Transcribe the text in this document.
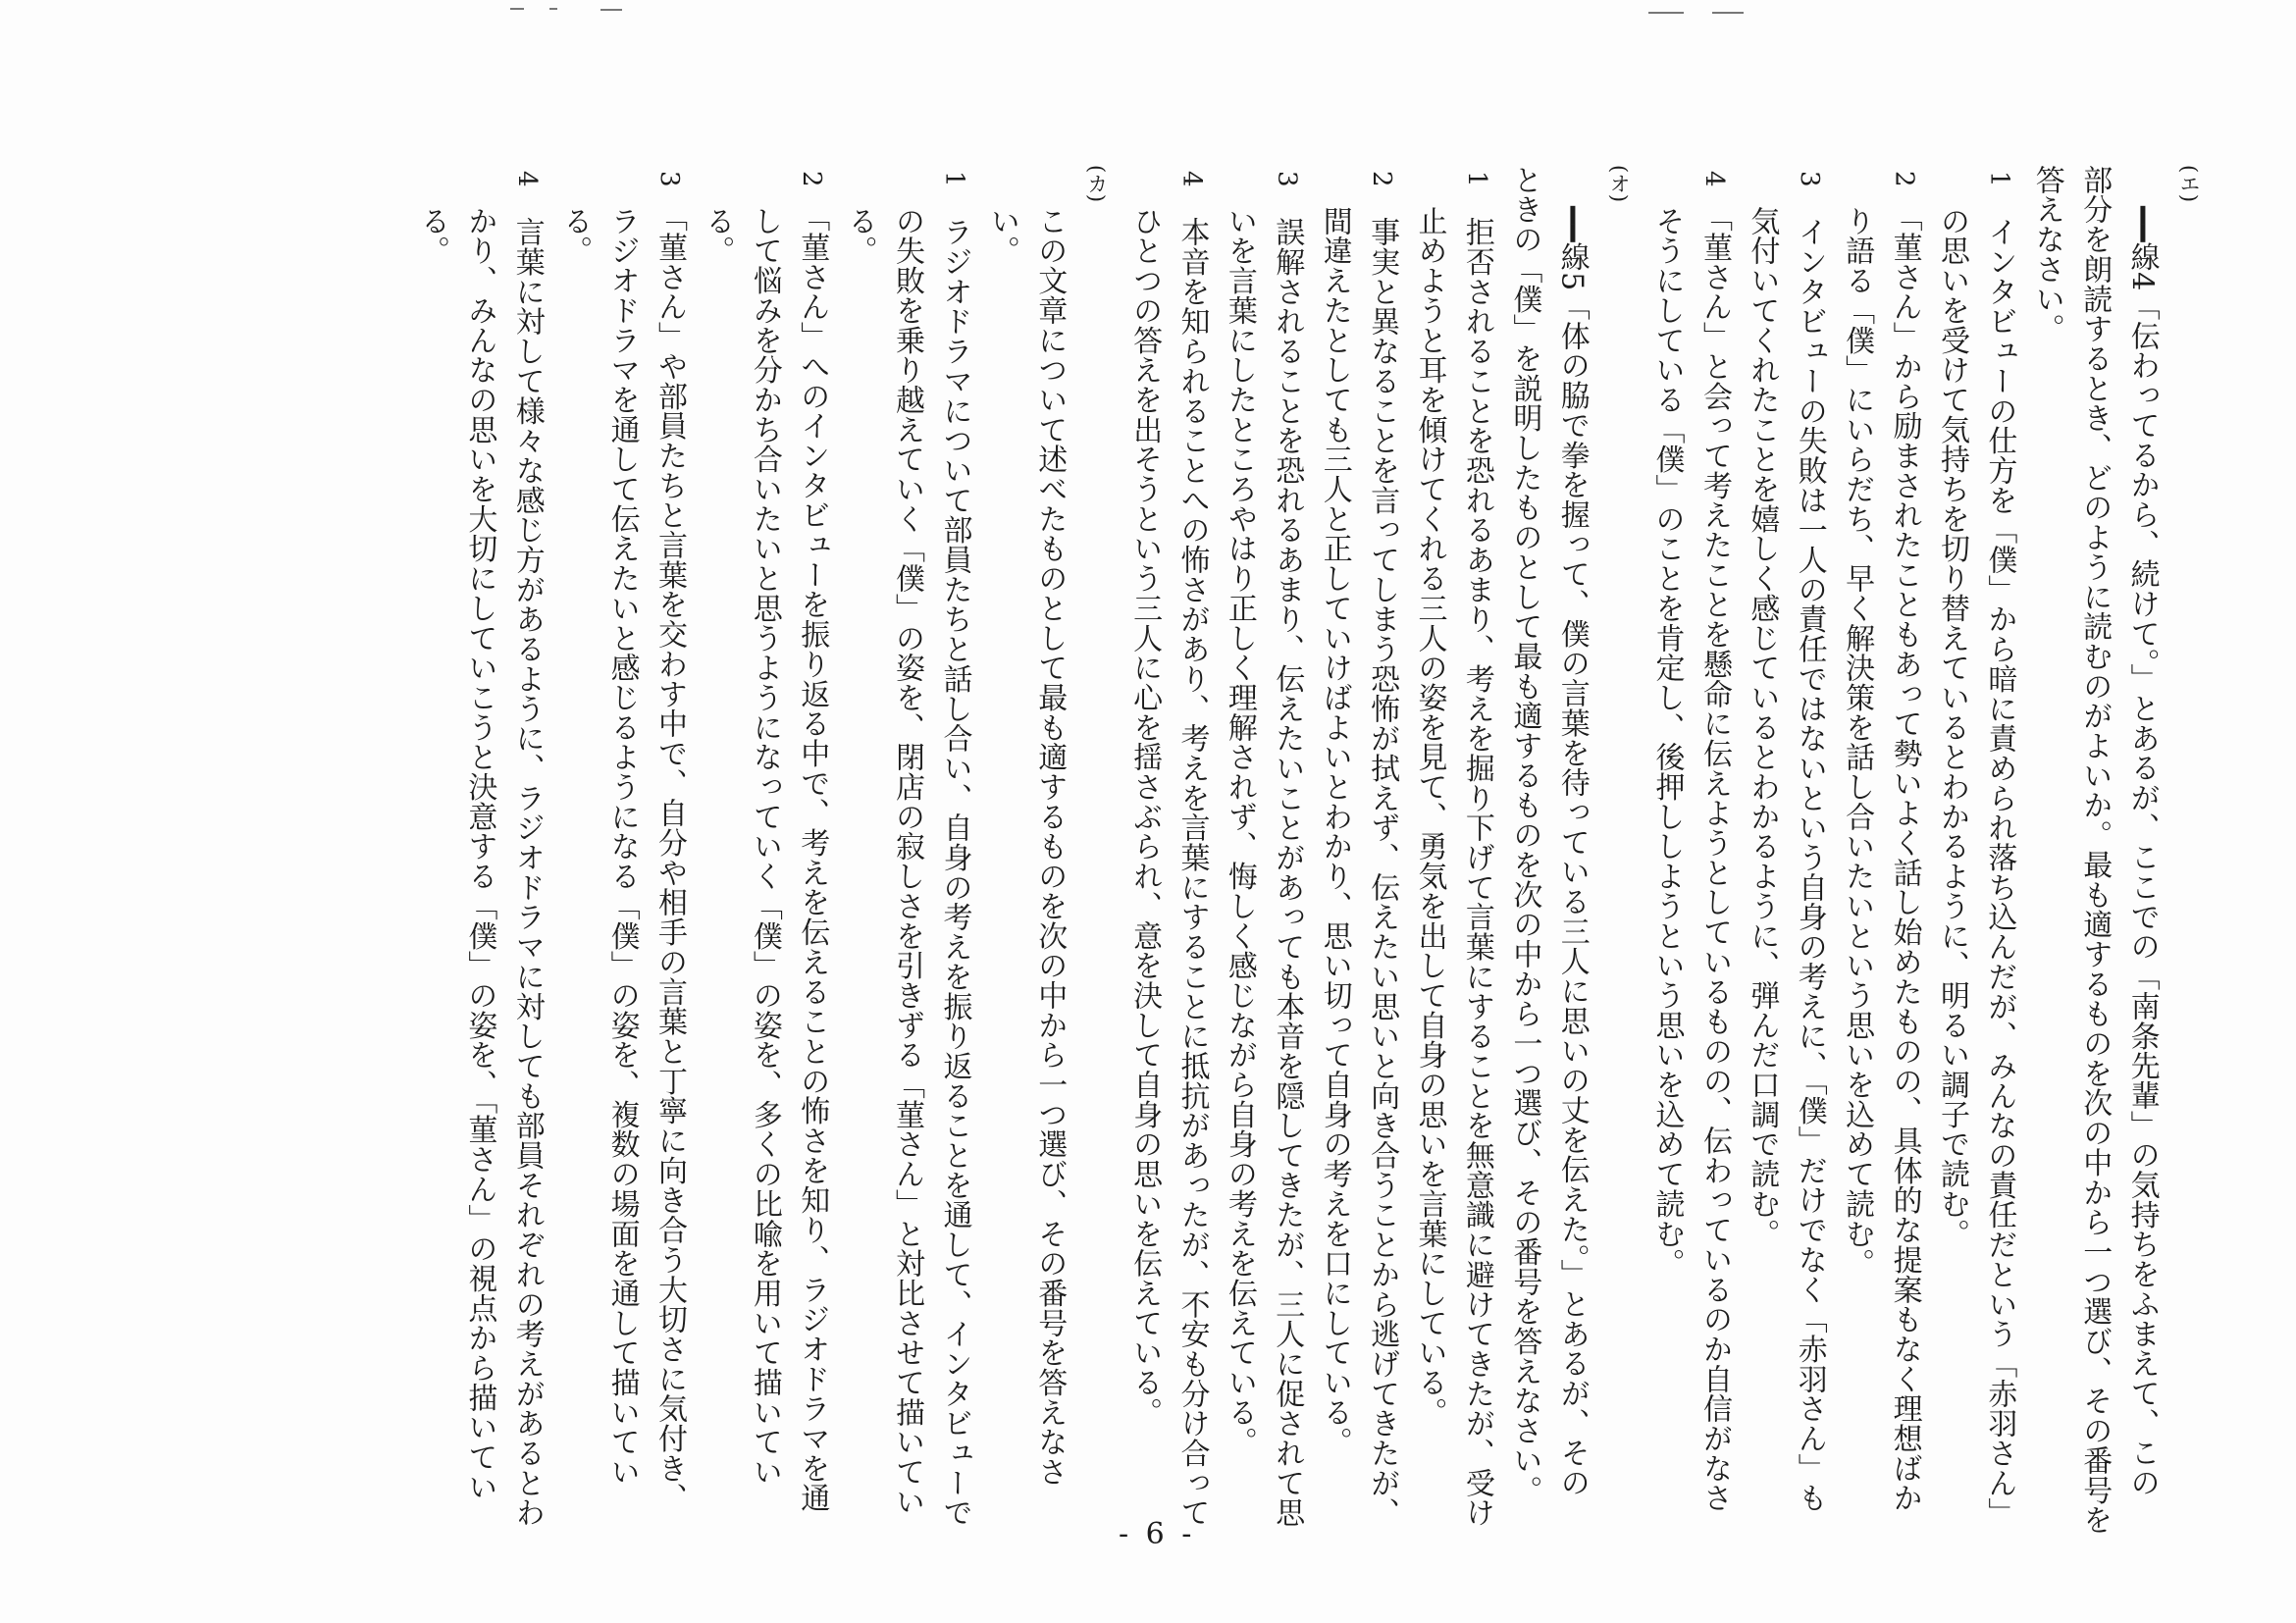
(エ)

━━線4「伝わってるから、続けて。」とあるが、ここでの「南条先輩」の気持ちをふまえて、この

部分を朗読するとき、どのように読むのがよいか。最も適するものを次の中から一つ選び、その番号を

答えなさい。

1　インタビューの仕方を「僕」から暗に責められ落ち込んだが、みんなの責任だという「赤羽さん」

の思いを受けて気持ちを切り替えているとわかるように、明るい調子で読む。

2　「菫さん」から励まされたこともあって勢いよく話し始めたものの、具体的な提案もなく理想ばか

り語る「僕」にいらだち、早く解決策を話し合いたいという思いを込めて読む。

3　インタビューの失敗は一人の責任ではないという自身の考えに、「僕」だけでなく「赤羽さん」も

気付いてくれたことを嬉しく感じているとわかるように、弾んだ口調で読む。

4　「菫さん」と会って考えたことを懸命に伝えようとしているものの、伝わっているのか自信がなさ

そうにしている「僕」のことを肯定し、後押ししようという思いを込めて読む。

(オ)

━━線5「体の脇で拳を握って、僕の言葉を待っている三人に思いの丈を伝えた。」とあるが、その

ときの「僕」を説明したものとして最も適するものを次の中から一つ選び、その番号を答えなさい。

1　拒否されることを恐れるあまり、考えを掘り下げて言葉にすることを無意識に避けてきたが、受け

止めようと耳を傾けてくれる三人の姿を見て、勇気を出して自身の思いを言葉にしている。

2　事実と異なることを言ってしまう恐怖が拭えず、伝えたい思いと向き合うことから逃げてきたが、

間違えたとしても三人と正していけばよいとわかり、思い切って自身の考えを口にしている。

3　誤解されることを恐れるあまり、伝えたいことがあっても本音を隠してきたが、三人に促されて思

いを言葉にしたところやはり正しく理解されず、悔しく感じながら自身の考えを伝えている。

4　本音を知られることへの怖さがあり、考えを言葉にすることに抵抗があったが、不安も分け合って

ひとつの答えを出そうという三人に心を揺さぶられ、意を決して自身の思いを伝えている。

(カ)

この文章について述べたものとして最も適するものを次の中から一つ選び、その番号を答えなさい。

1　ラジオドラマについて部員たちと話し合い、自身の考えを振り返ることを通して、インタビューで

の失敗を乗り越えていく「僕」の姿を、閉店の寂しさを引きずる「菫さん」と対比させて描いている。

2　「菫さん」へのインタビューを振り返る中で、考えを伝えることの怖さを知り、ラジオドラマを通

して悩みを分かち合いたいと思うようになっていく「僕」の姿を、多くの比喩を用いて描いている。

3　「菫さん」や部員たちと言葉を交わす中で、自分や相手の言葉と丁寧に向き合う大切さに気付き、

ラジオドラマを通して伝えたいと感じるようになる「僕」の姿を、複数の場面を通して描いている。

4　言葉に対して様々な感じ方があるように、ラジオドラマに対しても部員それぞれの考えがあるとわ

かり、みんなの思いを大切にしていこうと決意する「僕」の姿を、「菫さん」の視点から描いている。

- 6 -
